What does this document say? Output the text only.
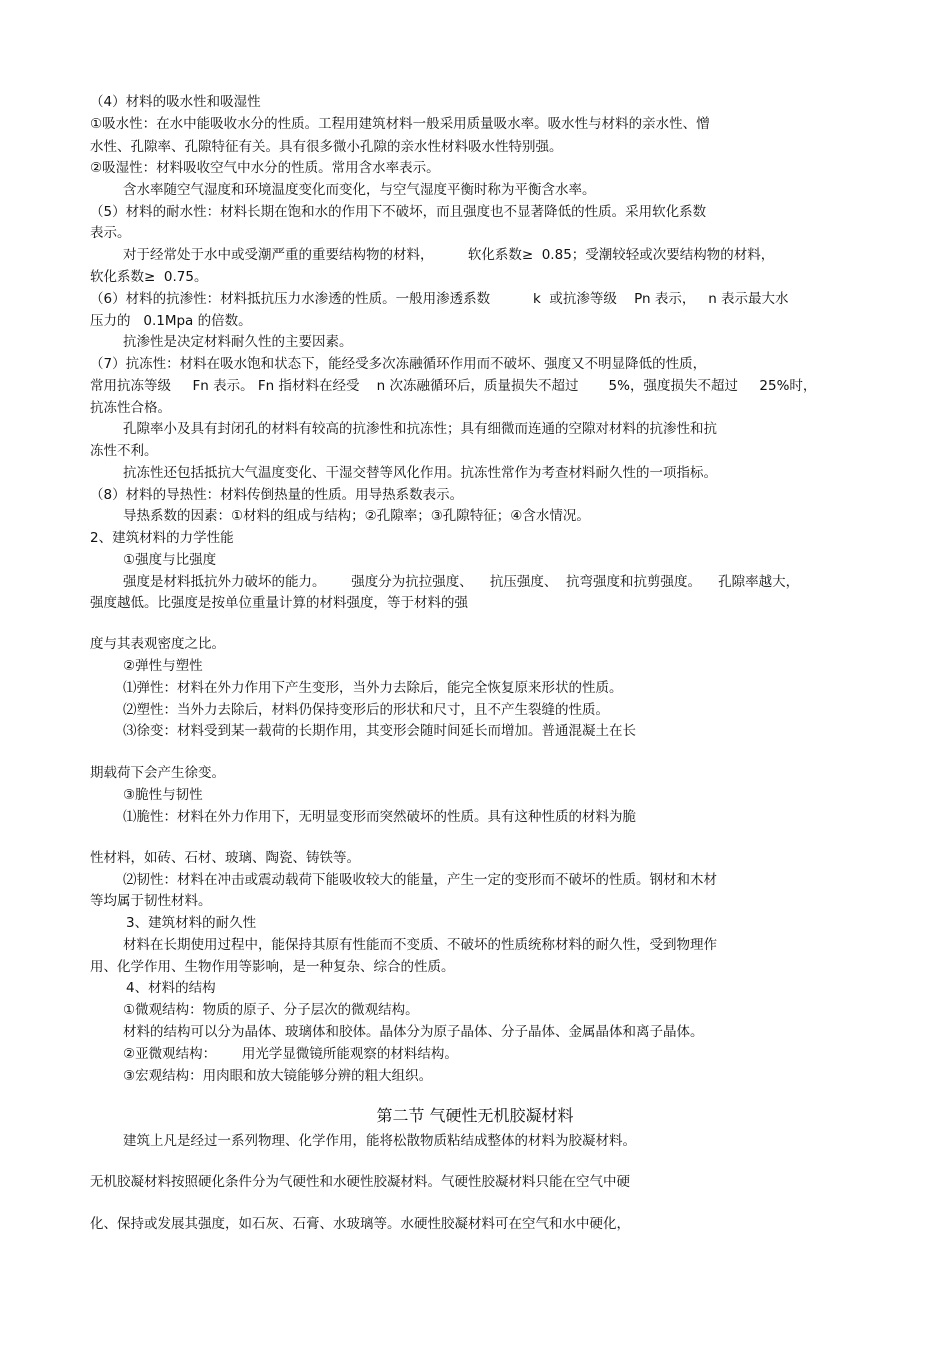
（4）材料的吸水性和吸湿性
①吸水性：在水中能吸收水分的性质。工程用建筑材料一般采用质量吸水率。吸水性与材料的亲水性、憎
水性、孔隙率、孔隙特征有关。具有很多微小孔隙的亲水性材料吸水性特别强。
②吸湿性：材料吸收空气中水分的性质。常用含水率表示。
含水率随空气湿度和环境温度变化而变化，与空气湿度平衡时称为平衡含水率。
（5）材料的耐水性：材料长期在饱和水的作用下不破坏，而且强度也不显著降低的性质。采用软化系数
表示。
对于经常处于水中或受潮严重的重要结构物的材料，        软化系数≥  0.85；受潮较轻或次要结构物的材料，
软化系数≥  0.75。
（6）材料的抗渗性：材料抵抗压力水渗透的性质。一般用渗透系数          k  或抗渗等级    Pn 表示，   n 表示最大水
压力的   0.1Mpa 的倍数。
抗渗性是决定材料耐久性的主要因素。
（7）抗冻性：材料在吸水饱和状态下，能经受多次冻融循环作用而不破坏、强度又不明显降低的性质，
常用抗冻等级     Fn 表示。 Fn 指材料在经受    n 次冻融循环后，质量损失不超过       5%，强度损失不超过     25%时，
抗冻性合格。
孔隙率小及具有封闭孔的材料有较高的抗渗性和抗冻性；具有细微而连通的空隙对材料的抗渗性和抗
冻性不利。
抗冻性还包括抵抗大气温度变化、干湿交替等风化作用。抗冻性常作为考查材料耐久性的一项指标。
（8）材料的导热性：材料传倒热量的性质。用导热系数表示。
导热系数的因素：①材料的组成与结构；②孔隙率；③孔隙特征；④含水情况。
2、建筑材料的力学性能
①强度与比强度
强度是材料抵抗外力破坏的能力。      强度分为抗拉强度、    抗压强度、  抗弯强度和抗剪强度。    孔隙率越大，
强度越低。比强度是按单位重量计算的材料强度，等于材料的强
度与其表观密度之比。
②弹性与塑性
⑴弹性：材料在外力作用下产生变形，当外力去除后，能完全恢复原来形状的性质。
⑵塑性：当外力去除后，材料仍保持变形后的形状和尺寸，且不产生裂缝的性质。
⑶徐变：材料受到某一载荷的长期作用，其变形会随时间延长而增加。普通混凝土在长
期载荷下会产生徐变。
③脆性与韧性
⑴脆性：材料在外力作用下，无明显变形而突然破坏的性质。具有这种性质的材料为脆
性材料，如砖、石材、玻璃、陶瓷、铸铁等。
⑵韧性：材料在冲击或震动载荷下能吸收较大的能量，产生一定的变形而不破坏的性质。钢材和木材
等均属于韧性材料。
3、建筑材料的耐久性
材料在长期使用过程中，能保持其原有性能而不变质、不破坏的性质统称材料的耐久性，受到物理作
用、化学作用、生物作用等影响，是一种复杂、综合的性质。
4、材料的结构
①微观结构：物质的原子、分子层次的微观结构。
材料的结构可以分为晶体、玻璃体和胶体。晶体分为原子晶体、分子晶体、金属晶体和离子晶体。
②亚微观结构：      用光学显微镜所能观察的材料结构。
③宏观结构：用肉眼和放大镜能够分辨的粗大组织。
第二节 气硬性无机胶凝材料
建筑上凡是经过一系列物理、化学作用，能将松散物质粘结成整体的材料为胶凝材料。
无机胶凝材料按照硬化条件分为气硬性和水硬性胶凝材料。气硬性胶凝材料只能在空气中硬
化、保持或发展其强度，如石灰、石膏、水玻璃等。水硬性胶凝材料可在空气和水中硬化，
